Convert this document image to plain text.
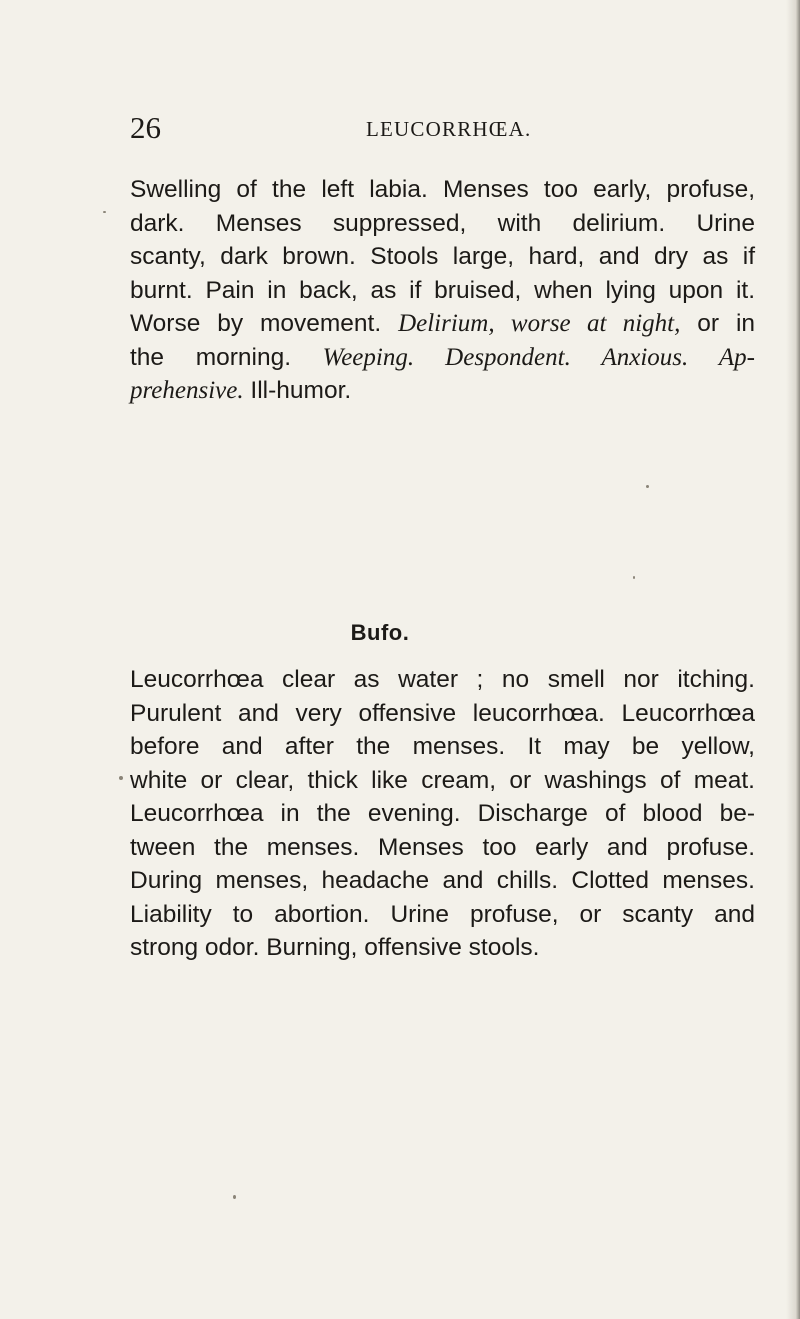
26	LEUCORRHŒA.
Swelling of the left labia. Menses too early, profuse,
dark. Menses suppressed, with delirium. Urine
scanty, dark brown. Stools large, hard, and dry as if
burnt. Pain in back, as if bruised, when lying upon it.
Worse by movement. Delirium, worse at night, or in
the morning. Weeping. Despondent. Anxious. Ap-
prehensive. Ill-humor.
Bufo.
Leucorrhœa clear as water ; no smell nor itching.
Purulent and very offensive leucorrhœa. Leucorrhœa
before and after the menses. It may be yellow,
white or clear, thick like cream, or washings of meat.
Leucorrhœa in the evening. Discharge of blood be-
tween the menses. Menses too early and profuse.
During menses, headache and chills. Clotted menses.
Liability to abortion. Urine profuse, or scanty and
strong odor. Burning, offensive stools.
